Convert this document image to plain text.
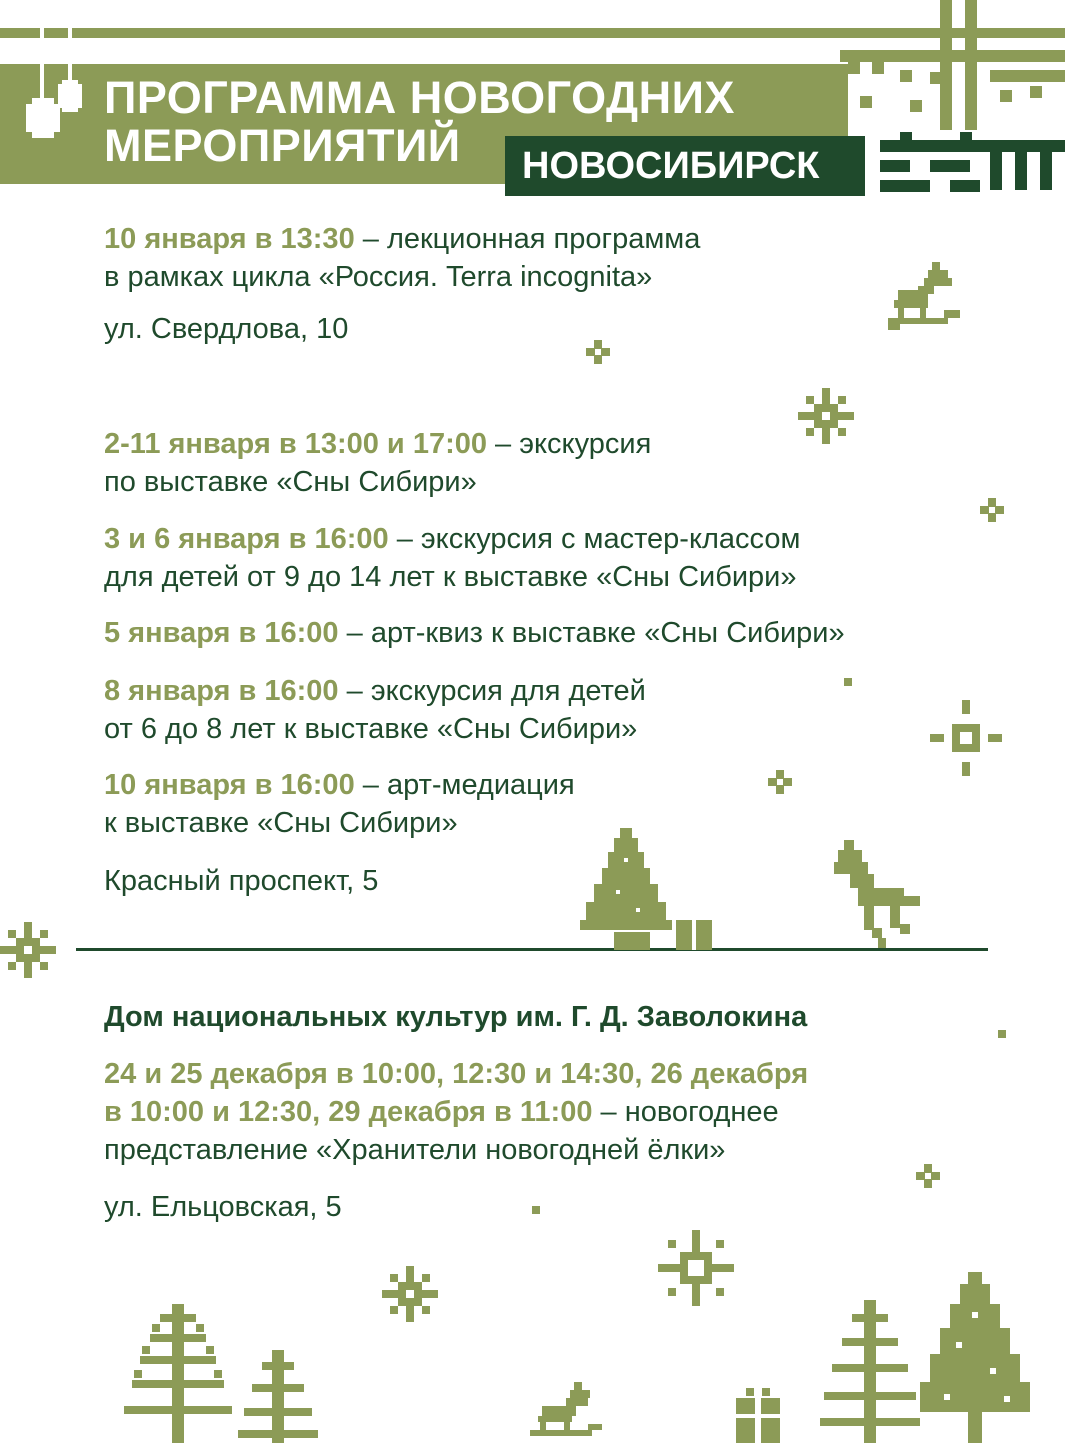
ПРОГРАММА НОВОГОДНИХ
МЕРОПРИЯТИЙ	НОВОСИБИРСК

10 января в 13:30 – лекционная программа
в рамках цикла «Россия. Terra incognita»

ул. Свердлова, 10

2-11 января в 13:00 и 17:00 – экскурсия
по выставке «Сны Сибири»

3 и 6 января в 16:00 – экскурсия с мастер-классом
для детей от 9 до 14 лет к выставке «Сны Сибири»

5 января в 16:00 – арт-квиз к выставке «Сны Сибири»

8 января в 16:00 – экскурсия для детей
от 6 до 8 лет к выставке «Сны Сибири»

10 января в 16:00 – арт-медиация
к выставке «Сны Сибири»

Красный проспект, 5

Дом национальных культур им. Г. Д. Заволокина

24 и 25 декабря в 10:00, 12:30 и 14:30, 26 декабря
в 10:00 и 12:30, 29 декабря в 11:00 – новогоднее
представление «Хранители новогодней ёлки»

ул. Ельцовская, 5
